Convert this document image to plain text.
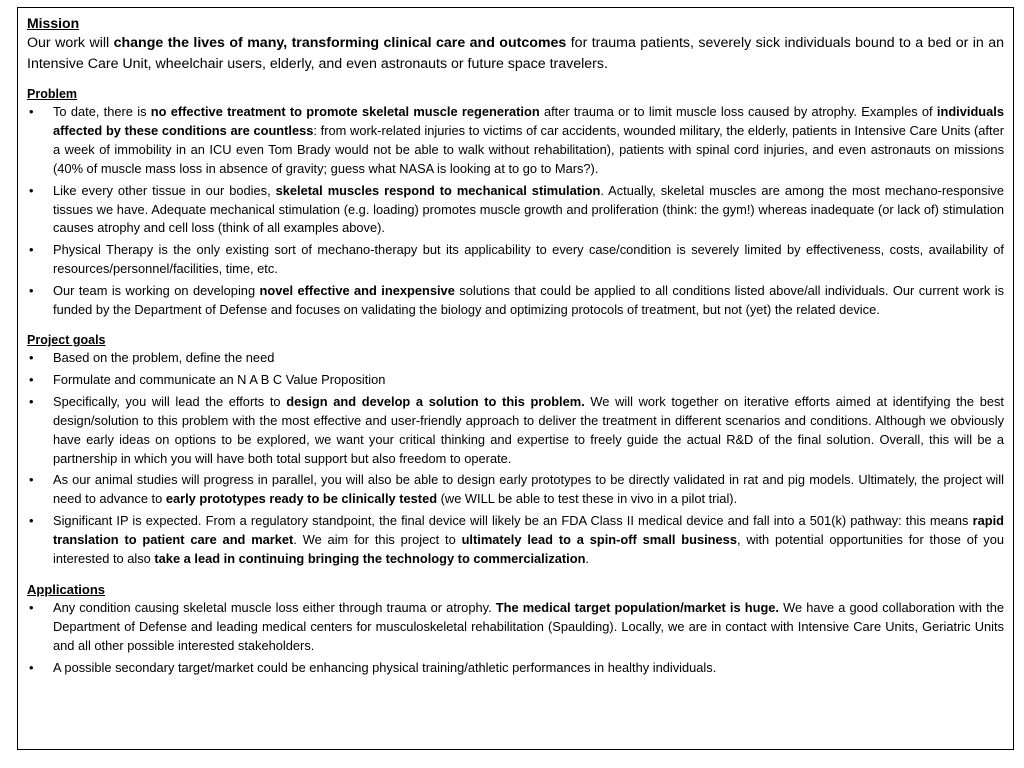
Mission
Our work will change the lives of many, transforming clinical care and outcomes for trauma patients, severely sick individuals bound to a bed or in an Intensive Care Unit, wheelchair users, elderly, and even astronauts or future space travelers.
Problem
• To date, there is no effective treatment to promote skeletal muscle regeneration after trauma or to limit muscle loss caused by atrophy. Examples of individuals affected by these conditions are countless: from work-related injuries to victims of car accidents, wounded military, the elderly, patients in Intensive Care Units (after a week of immobility in an ICU even Tom Brady would not be able to walk without rehabilitation), patients with spinal cord injuries, and even astronauts on missions (40% of muscle mass loss in absence of gravity; guess what NASA is looking at to go to Mars?).
• Like every other tissue in our bodies, skeletal muscles respond to mechanical stimulation. Actually, skeletal muscles are among the most mechano-responsive tissues we have. Adequate mechanical stimulation (e.g. loading) promotes muscle growth and proliferation (think: the gym!) whereas inadequate (or lack of) stimulation causes atrophy and cell loss (think of all examples above).
• Physical Therapy is the only existing sort of mechano-therapy but its applicability to every case/condition is severely limited by effectiveness, costs, availability of resources/personnel/facilities, time, etc.
• Our team is working on developing novel effective and inexpensive solutions that could be applied to all conditions listed above/all individuals. Our current work is funded by the Department of Defense and focuses on validating the biology and optimizing protocols of treatment, but not (yet) the related device.
Project goals
• Based on the problem, define the need
• Formulate and communicate an N A B C Value Proposition
• Specifically, you will lead the efforts to design and develop a solution to this problem. We will work together on iterative efforts aimed at identifying the best design/solution to this problem with the most effective and user-friendly approach to deliver the treatment in different scenarios and conditions. Although we obviously have early ideas on options to be explored, we want your critical thinking and expertise to freely guide the actual R&D of the final solution. Overall, this will be a partnership in which you will have both total support but also freedom to operate.
• As our animal studies will progress in parallel, you will also be able to design early prototypes to be directly validated in rat and pig models. Ultimately, the project will need to advance to early prototypes ready to be clinically tested (we WILL be able to test these in vivo in a pilot trial).
• Significant IP is expected. From a regulatory standpoint, the final device will likely be an FDA Class II medical device and fall into a 501(k) pathway: this means rapid translation to patient care and market. We aim for this project to ultimately lead to a spin-off small business, with potential opportunities for those of you interested to also take a lead in continuing bringing the technology to commercialization.
Applications
• Any condition causing skeletal muscle loss either through trauma or atrophy. The medical target population/market is huge. We have a good collaboration with the Department of Defense and leading medical centers for musculoskeletal rehabilitation (Spaulding). Locally, we are in contact with Intensive Care Units, Geriatric Units and all other possible interested stakeholders.
• A possible secondary target/market could be enhancing physical training/athletic performances in healthy individuals.
